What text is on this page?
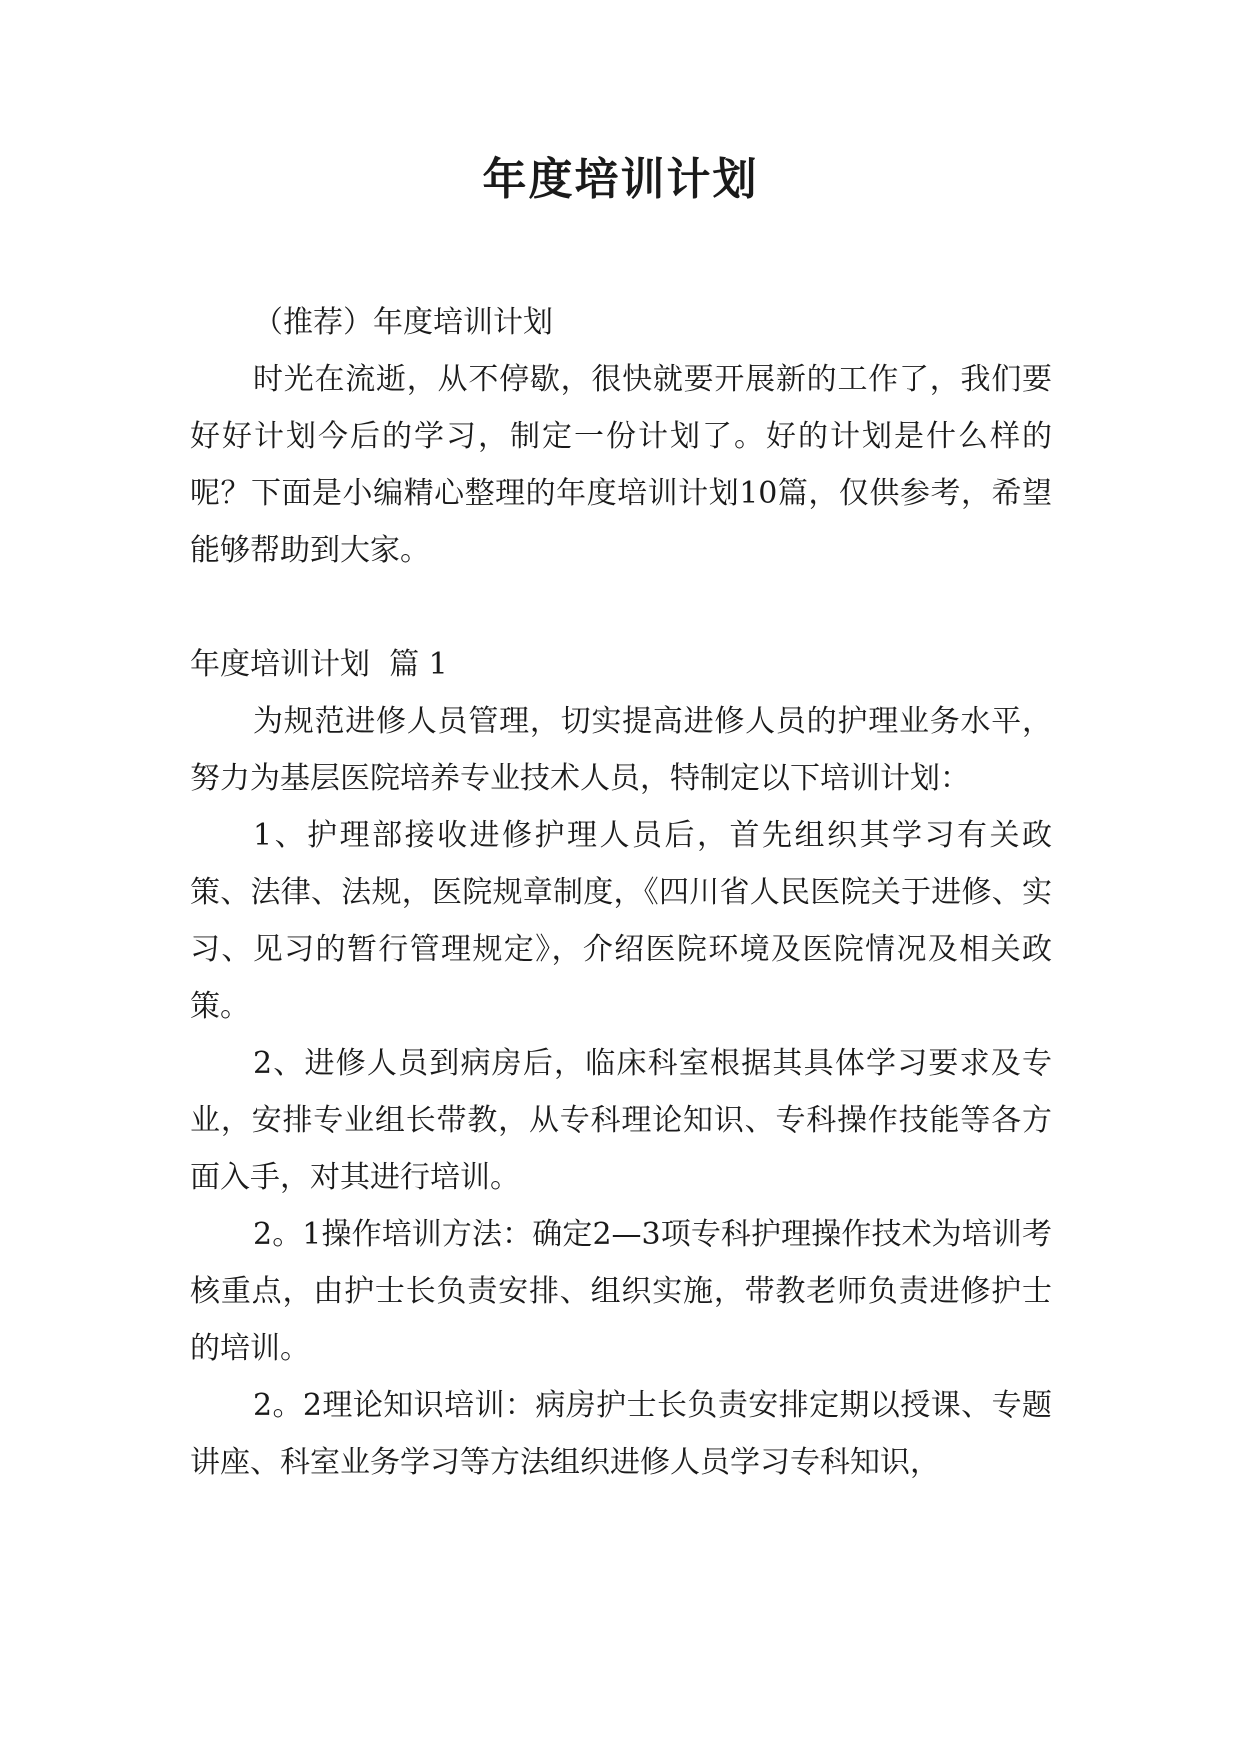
年度培训计划

（推荐）年度培训计划

时光在流逝，从不停歇，很快就要开展新的工作了，我们要好好计划今后的学习，制定一份计划了。好的计划是什么样的呢？下面是小编精心整理的年度培训计划10篇，仅供参考，希望能够帮助到大家。

年度培训计划  篇 1

为规范进修人员管理，切实提高进修人员的护理业务水平，努力为基层医院培养专业技术人员，特制定以下培训计划：

1、护理部接收进修护理人员后，首先组织其学习有关政策、法律、法规，医院规章制度，《四川省人民医院关于进修、实习、见习的暂行管理规定》，介绍医院环境及医院情况及相关政策。

2、进修人员到病房后，临床科室根据其具体学习要求及专业，安排专业组长带教，从专科理论知识、专科操作技能等各方面入手，对其进行培训。

2。1操作培训方法：确定2—3项专科护理操作技术为培训考核重点，由护士长负责安排、组织实施，带教老师负责进修护士的培训。

2。2理论知识培训：病房护士长负责安排定期以授课、专题讲座、科室业务学习等方法组织进修人员学习专科知识，
